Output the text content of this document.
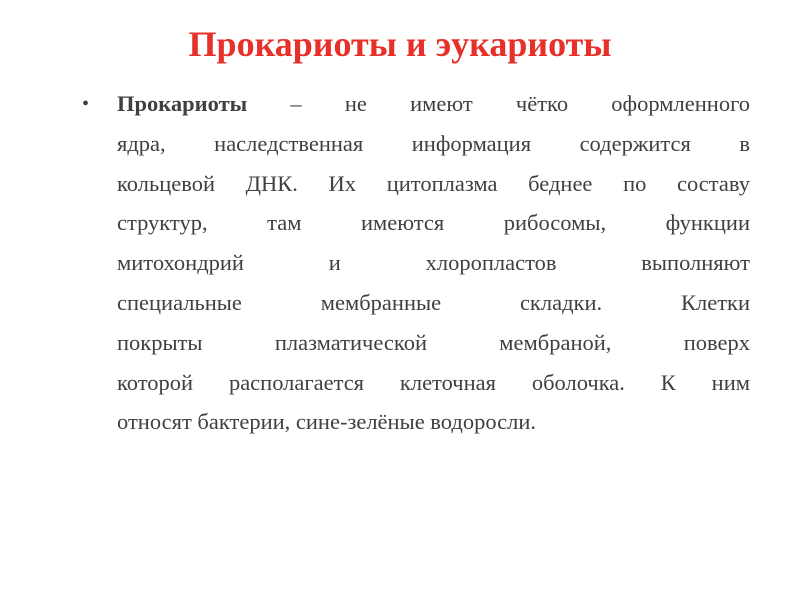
Прокариоты и эукариоты
• Прокариоты – не имеют чётко оформленного
ядра, наследственная информация содержится в
кольцевой ДНК. Их цитоплазма беднее по составу
структур, там имеются рибосомы, функции
митохондрий и хлоропластов выполняют
специальные мембранные складки. Клетки
покрыты плазматической мембраной, поверх
которой располагается клеточная оболочка. К ним
относят бактерии, сине-зелёные водоросли.
